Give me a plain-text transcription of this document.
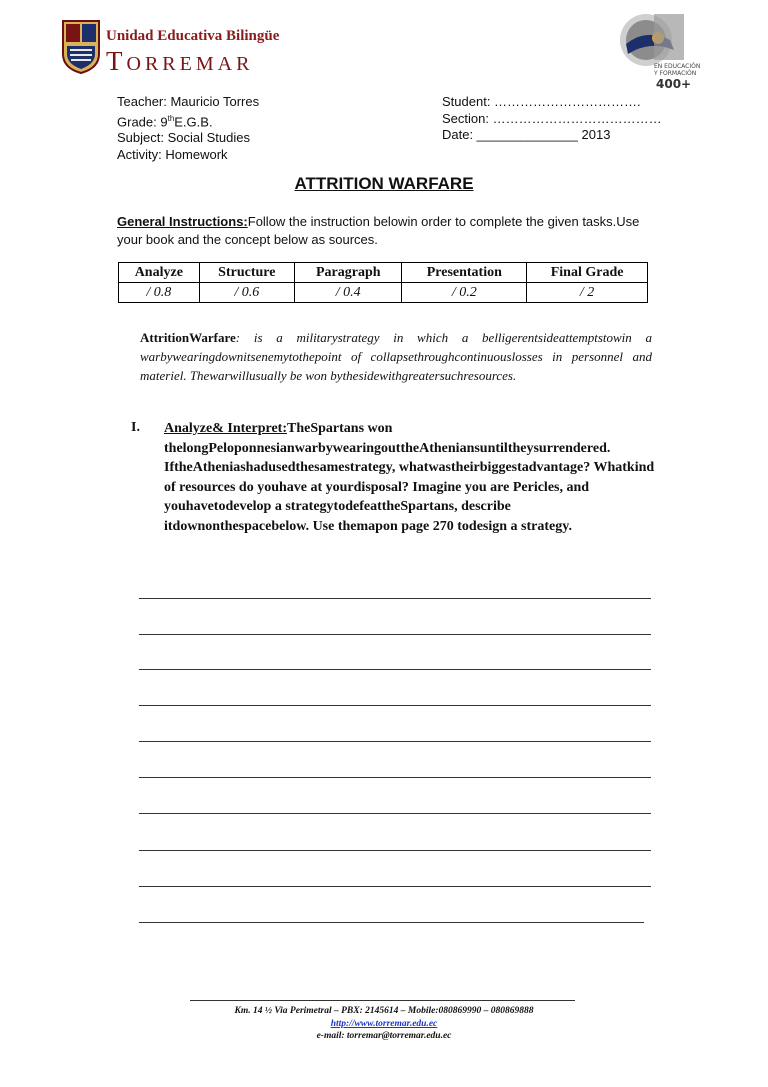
Unidad Educativa Bilingüe
TORREMAR	EN EDUCACIÓN
Y FORMACIÓN
400+
Teacher: Mauricio Torres
Grade: 9thE.G.B.
Subject: Social Studies
Activity: Homework
Student: …………………………….
Section: …………………………………
Date: ______________ 2013
ATTRITION WARFARE
General Instructions:Follow the instruction belowin order to complete the given tasks.Use your book and the concept below as sources.
Analyze	Structure	Paragraph	Presentation	Final Grade
/ 0.8	/ 0.6	/ 0.4	/ 0.2	/ 2
AttritionWarfare: is a militarystrategy in which a belligerentsideattemptstowin a warbywearingdownitsenemytothepoint of collapsethroughcontinuouslosses in personnel and materiel. Thewarwillusually be won bythesidewithgreatersuchresources.
I. Analyze& Interpret:TheSpartans won thelongPeloponnesianwarbywearingouttheAtheniansuntiltheysurrendered. IftheAtheniashadusedthesamestrategy, whatwastheirbiggestadvantage? Whatkind of resources do youhave at yourdisposal? Imagine you are Pericles, and youhavetodevelop a strategytodefeattheSpartans, describe itdownonthespacebelow. Use themapon page 270 todesign a strategy.
Km. 14 ½ Via Perimetral – PBX: 2145614 – Mobile:080869990 – 080869888
http://www.torremar.edu.ec
e-mail: torremar@torremar.edu.ec
